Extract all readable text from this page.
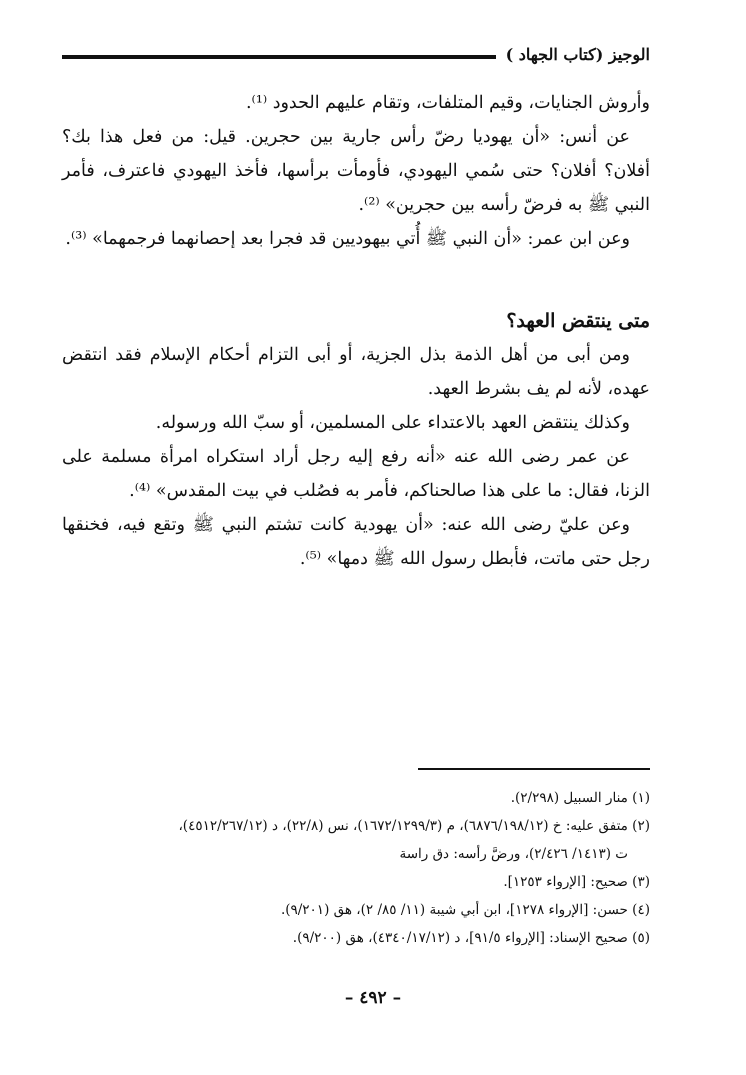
الوجيز (كتاب الجهاد )

وأروش الجنايات، وقيم المتلفات، وتقام عليهم الحدود ⁽¹⁾.

عن أنس: «أن يهوديا رضّ رأس جارية بين حجرين. قيل: من فعل هذا بك؟ أفلان؟ أفلان؟ حتى سُمي اليهودي، فأومأت برأسها، فأخذ اليهودي فاعترف، فأمر النبي ﷺ به فرضّ رأسه بين حجرين» ⁽²⁾.

وعن ابن عمر: «أن النبي ﷺ أُتي بيهوديين قد فجرا بعد إحصانهما فرجمهما» ⁽³⁾.

متى ينتقض العهد؟

ومن أبى من أهل الذمة بذل الجزية، أو أبى التزام أحكام الإسلام فقد انتقض عهده، لأنه لم يف بشرط العهد.

وكذلك ينتقض العهد بالاعتداء على المسلمين، أو سبّ الله ورسوله.

عن عمر رضى الله عنه «أنه رفع إليه رجل أراد استكراه امرأة مسلمة على الزنا، فقال: ما على هذا صالحناكم، فأمر به فصُلب في بيت المقدس» ⁽⁴⁾.

وعن عليّ رضى الله عنه: «أن يهودية كانت تشتم النبي ﷺ وتقع فيه، فخنقها رجل حتى ماتت، فأبطل رسول الله ﷺ دمها» ⁽⁵⁾.

(١) منار السبيل (٢/٢٩٨).

(٢) متفق عليه: خ (٦٨٧٦/١٩٨/١٢)، م (١٦٧٢/١٢٩٩/٣)، نس (٢٢/٨)، د (٤٥١٢/٢٦٧/١٢)،

ت (١٤١٣/ ٢/٤٢٦)، ورضَّ رأسه: دق راسة

(٣) صحيح: [الإرواء ١٢٥٣].

(٤) حسن: [الإرواء ١٢٧٨]، ابن أبي شيبة (١١/ ٨٥/ ٢)، هق (٩/٢٠١).

(٥) صحيح الإسناد: [الإرواء ٩١/٥]، د (٤٣٤٠/١٧/١٢)، هق (٩/٢٠٠).

– ٤٩٢ –
